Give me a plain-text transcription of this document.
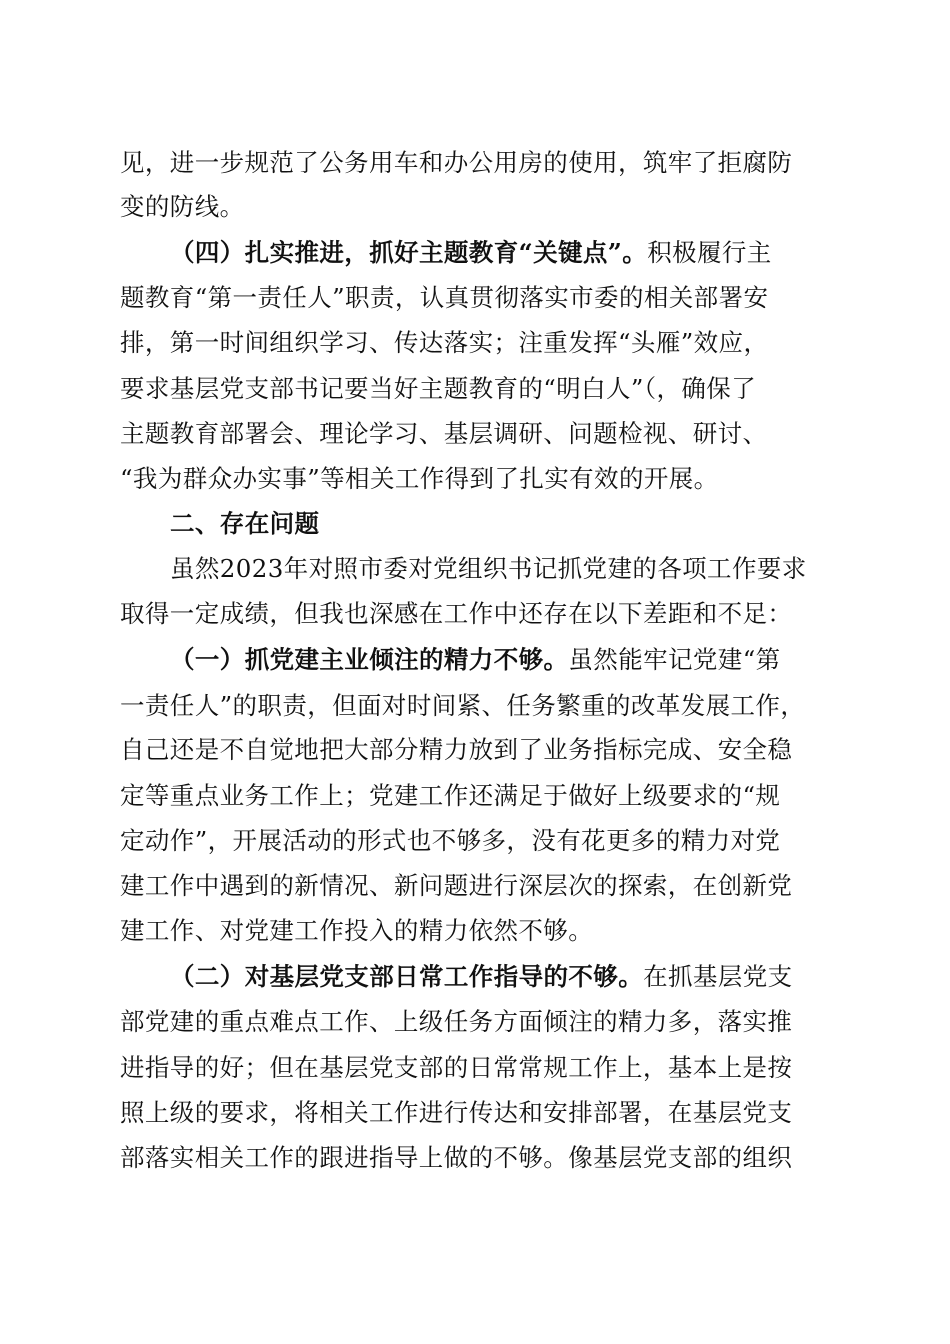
见，进一步规范了公务用车和办公用房的使用，筑牢了拒腐防
变的防线。
（四）扎实推进，抓好主题教育“关键点”。积极履行主
题教育“第一责任人”职责，认真贯彻落实市委的相关部署安
排，第一时间组织学习、传达落实；注重发挥“头雁”效应，
要求基层党支部书记要当好主题教育的“明白人”（，确保了
主题教育部署会、理论学习、基层调研、问题检视、研讨、
“我为群众办实事”等相关工作得到了扎实有效的开展。
二、存在问题
虽然2023年对照市委对党组织书记抓党建的各项工作要求
取得一定成绩，但我也深感在工作中还存在以下差距和不足：
（一）抓党建主业倾注的精力不够。虽然能牢记党建“第
一责任人”的职责，但面对时间紧、任务繁重的改革发展工作，
自己还是不自觉地把大部分精力放到了业务指标完成、安全稳
定等重点业务工作上；党建工作还满足于做好上级要求的“规
定动作”，开展活动的形式也不够多，没有花更多的精力对党
建工作中遇到的新情况、新问题进行深层次的探索，在创新党
建工作、对党建工作投入的精力依然不够。
（二）对基层党支部日常工作指导的不够。在抓基层党支
部党建的重点难点工作、上级任务方面倾注的精力多，落实推
进指导的好；但在基层党支部的日常常规工作上，基本上是按
照上级的要求，将相关工作进行传达和安排部署，在基层党支
部落实相关工作的跟进指导上做的不够。像基层党支部的组织
